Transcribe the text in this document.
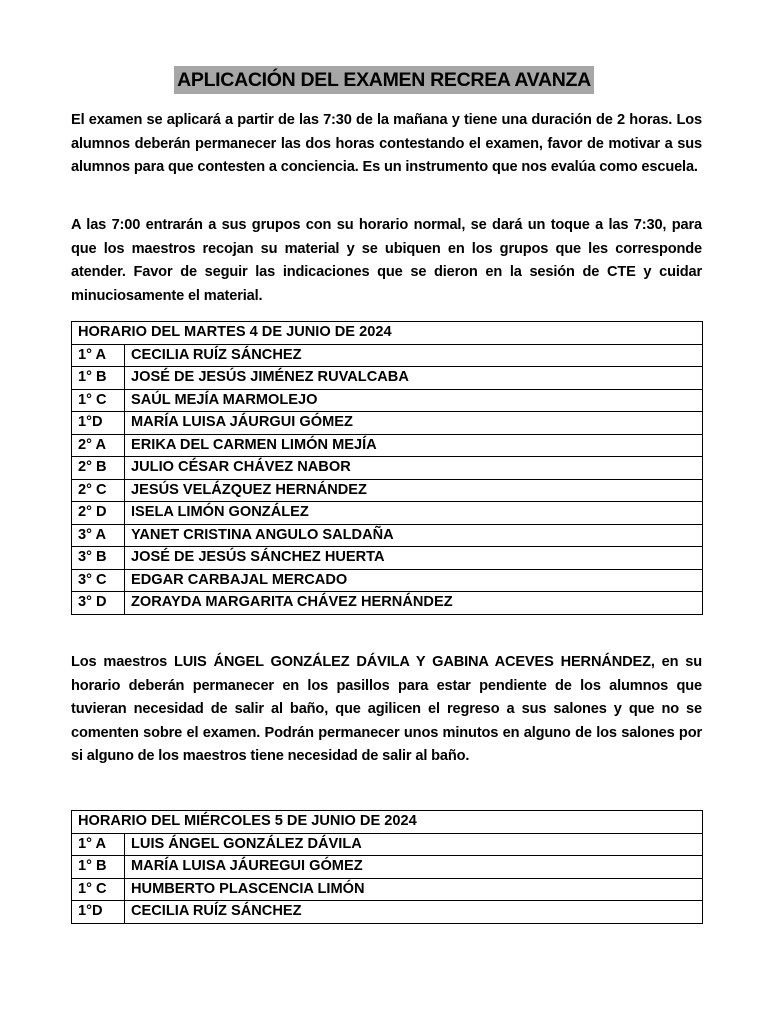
APLICACIÓN DEL EXAMEN RECREA AVANZA

El examen se aplicará a partir de las 7:30 de la mañana y tiene una duración de 2 horas. Los alumnos deberán permanecer las dos horas contestando el examen, favor de motivar a sus alumnos para que contesten a conciencia. Es un instrumento que nos evalúa como escuela.

A las 7:00 entrarán a sus grupos con su horario normal, se dará un toque a las 7:30, para que los maestros recojan su material y se ubiquen en los grupos que les corresponde atender. Favor de seguir las indicaciones que se dieron en la sesión de CTE y cuidar minuciosamente el material.

HORARIO DEL MARTES 4 DE JUNIO DE 2024	
1° A	CECILIA RUÍZ SÁNCHEZ
1° B	JOSÉ DE JESÚS JIMÉNEZ RUVALCABA
1° C	SAÚL MEJÍA MARMOLEJO
1°D	MARÍA LUISA JÁURGUI GÓMEZ
2° A	ERIKA DEL CARMEN LIMÓN MEJÍA
2° B	JULIO CÉSAR CHÁVEZ NABOR
2° C	JESÚS VELÁZQUEZ HERNÁNDEZ
2° D	ISELA LIMÓN GONZÁLEZ
3° A	YANET CRISTINA ANGULO SALDAÑA
3° B	JOSÉ DE JESÚS SÁNCHEZ HUERTA
3° C	EDGAR CARBAJAL MERCADO
3° D	ZORAYDA MARGARITA CHÁVEZ HERNÁNDEZ

Los maestros LUIS ÁNGEL GONZÁLEZ DÁVILA Y GABINA ACEVES HERNÁNDEZ, en su horario deberán permanecer en los pasillos para estar pendiente de los alumnos que tuvieran necesidad de salir al baño, que agilicen el regreso a sus salones y que no se comenten sobre el examen. Podrán permanecer unos minutos en alguno de los salones por si alguno de los maestros tiene necesidad de salir al baño.

HORARIO DEL MIÉRCOLES 5 DE JUNIO DE 2024	
1° A	LUIS ÁNGEL GONZÁLEZ DÁVILA
1° B	MARÍA LUISA JÁUREGUI GÓMEZ
1° C	HUMBERTO PLASCENCIA LIMÓN
1°D	CECILIA RUÍZ SÁNCHEZ
